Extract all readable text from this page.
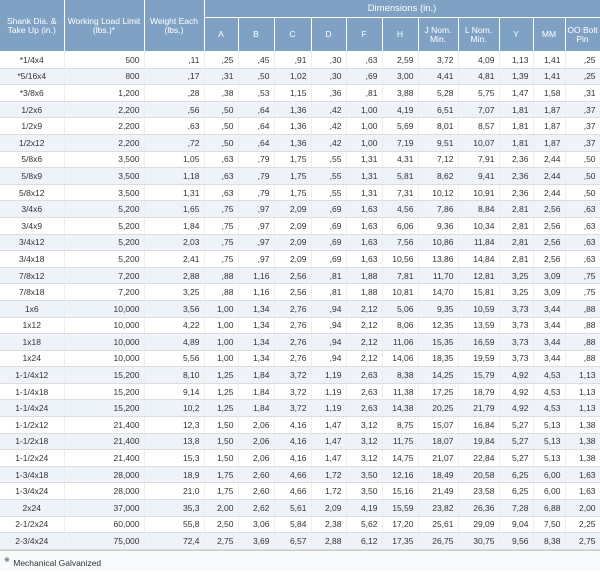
Shank Dia. & Take Up (in.)	Working Load Limit (lbs.)*	Weight Each (lbs.)	Dimensions (in.)										
			A	B	C	D	F	H	J Nom. Min.	L Nom. Min.	Y	MM	OO Bolt Pin
*1/4x4	500	,11	,25	,45	,91	,30	,63	2,59	3,72	4,09	1,13	1,41	,25
*5/16x4	800	,17	,31	,50	1,02	,30	,69	3,00	4,41	4,81	1,39	1,41	,25
*3/8x6	1,200	,28	,38	,53	1,15	,36	,81	3,88	5,28	5,75	1,47	1,58	,31
1/2x6	2,200	,56	,50	,64	1,36	,42	1,00	4,19	6,51	7,07	1,81	1,87	,37
1/2x9	2,200	,63	,50	,64	1,36	,42	1,00	5,69	8,01	8,57	1,81	1,87	,37
1/2x12	2,200	,72	,50	,64	1,36	,42	1,00	7,19	9,51	10,07	1,81	1,87	,37
5/8x6	3,500	1,05	,63	,79	1,75	,55	1,31	4,31	7,12	7,91	2,36	2,44	,50
5/8x9	3,500	1,18	,63	,79	1,75	,55	1,31	5,81	8,62	9,41	2,36	2,44	,50
5/8x12	3,500	1,31	,63	,79	1,75	,55	1,31	7,31	10,12	10,91	2,36	2,44	,50
3/4x6	5,200	1,65	,75	,97	2,09	,69	1,63	4,56	7,86	8,84	2,81	2,56	,63
3/4x9	5,200	1,84	,75	,97	2,09	,69	1,63	6,06	9,36	10,34	2,81	2,56	,63
3/4x12	5,200	2,03	,75	,97	2,09	,69	1,63	7,56	10,86	11,84	2,81	2,56	,63
3/4x18	5,200	2,41	,75	,97	2,09	,69	1,63	10,56	13,86	14,84	2,81	2,56	,63
7/8x12	7,200	2,88	,88	1,16	2,56	,81	1,88	7,81	11,70	12,81	3,25	3,09	,75
7/8x18	7,200	3,25	,88	1,16	2,56	,81	1,88	10,81	14,70	15,81	3,25	3,09	,75
1x6	10,000	3,56	1,00	1,34	2,76	,94	2,12	5,06	9,35	10,59	3,73	3,44	,88
1x12	10,000	4,22	1,00	1,34	2,76	,94	2,12	8,06	12,35	13,59	3,73	3,44	,88
1x18	10,000	4,89	1,00	1,34	2,76	,94	2,12	11,06	15,35	16,59	3,73	3,44	,88
1x24	10,000	5,56	1,00	1,34	2,76	,94	2,12	14,06	18,35	19,59	3,73	3,44	,88
1-1/4x12	15,200	8,10	1,25	1,84	3,72	1,19	2,63	8,38	14,25	15,79	4,92	4,53	1,13
1-1/4x18	15,200	9,14	1,25	1,84	3,72	1,19	2,63	11,38	17,25	18,79	4,92	4,53	1,13
1-1/4x24	15,200	10,2	1,25	1,84	3,72	1,19	2,63	14,38	20,25	21,79	4,92	4,53	1,13
1-1/2x12	21,400	12,3	1,50	2,06	4,16	1,47	3,12	8,75	15,07	16,84	5,27	5,13	1,38
1-1/2x18	21,400	13,8	1,50	2,06	4,16	1,47	3,12	11,75	18,07	19,84	5,27	5,13	1,38
1-1/2x24	21,400	15,3	1,50	2,06	4,16	1,47	3,12	14,75	21,07	22,84	5,27	5,13	1,38
1-3/4x18	28,000	18,9	1,75	2,60	4,66	1,72	3,50	12,16	18,49	20,58	6,25	6,00	1,63
1-3/4x24	28,000	21,0	1,75	2,60	4,66	1,72	3,50	15,16	21,49	23,58	6,25	6,00	1,63
2x24	37,000	35,3	2,00	2,62	5,61	2,09	4,19	15,59	23,82	26,36	7,28	6,88	2,00
2-1/2x24	60,000	55,8	2,50	3,06	5,84	2,38	5,62	17,20	25,61	29,09	9,04	7,50	2,25
2-3/4x24	75,000	72,4	2,75	3,69	6,57	2,88	6,12	17,35	26,75	30,75	9,56	8,38	2,75
※ Mechanical Galvanized
